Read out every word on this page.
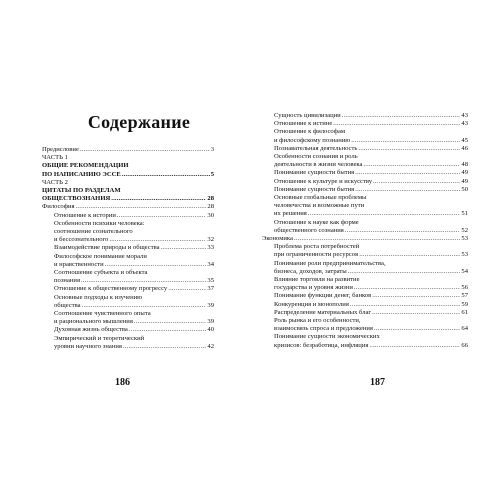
Содержание
Предисловие .....	3
ЧАСТЬ 1
ОБЩИЕ РЕКОМЕНДАЦИИ
ПО НАПИСАНИЮ ЭССЕ .....	5
ЧАСТЬ 2
ЦИТАТЫ ПО РАЗДЕЛАМ
ОБЩЕСТВОЗНАНИЯ .....	28
Философия .....	28
Отношение к истории .....	30
Особенности психики человека:
соотношение сознательного
и бессознательного .....	32
Взаимодействие природы и общества .....	33
Философское понимание морали
и нравственности .....	34
Соотношение субъекта и объекта
познания .....	35
Отношение к общественному прогрессу .....	37
Основные подходы к изучению
общества .....	39
Соотношение чувственного опыта
и рационального мышления .....	39
Духовная жизнь общества .....	40
Эмпирический и теоретический
уровни научного знания .....	42
186
Сущность цивилизации .....	43
Отношение к истине .....	43
Отношение к философам
и философскому познанию .....	45
Познавательная деятельность .....	46
Особенности сознания и роль
деятельности в жизни человека .....	48
Понимание сущности бытия .....	49
Отношение к культуре и искусству .....	49
Понимание сущности бытия .....	50
Основные глобальные проблемы
человечества и возможные пути
их решения .....	51
Отношение к науке как форме
общественного сознания .....	52
Экономика .....	53
Проблема роста потребностей
при ограниченности ресурсов .....	53
Понимание роли предпринимательства,
бизнеса, доходов, затраты .....	54
Влияние торговли на развитие
государства и уровня жизни .....	56
Понимание функции денег, банков .....	57
Конкуренция и монополия .....	59
Распределение материальных благ .....	61
Роль рынка и его особенности,
взаимосвязь спроса и предложения .....	64
Понимание сущности экономических
кризисов: безработица, инфляция .....	66
187
